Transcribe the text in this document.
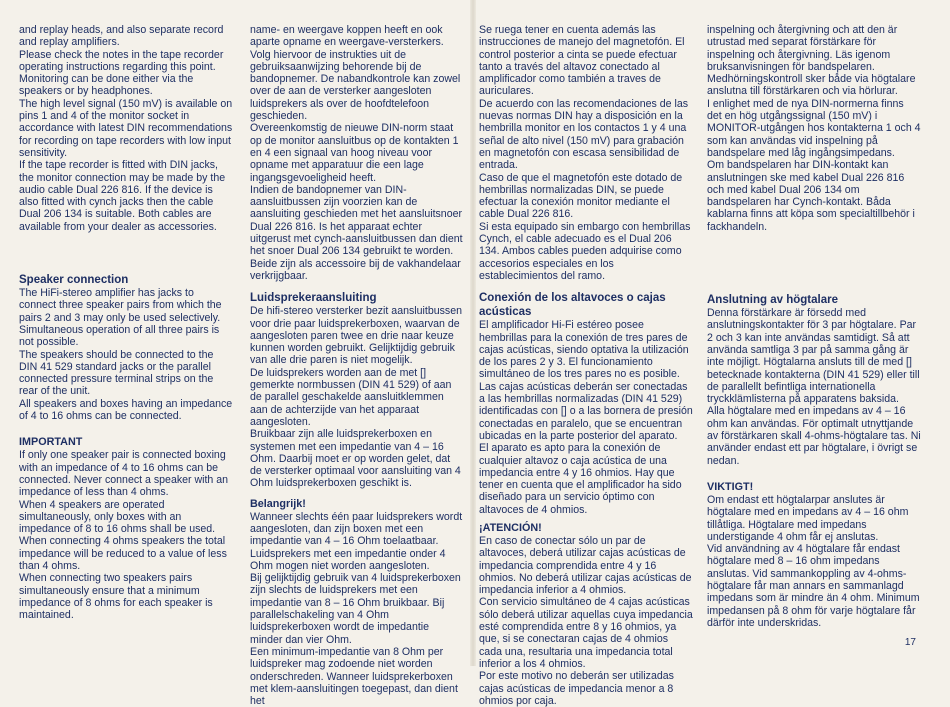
and replay heads, and also separate record and replay amplifiers.

Please check the notes in the tape recorder operating instructions regarding this point. Monitoring can be done either via the speakers or by headphones.

The high level signal (150 mV) is available on pins 1 and 4 of the monitor socket in accordance with latest DIN recommendations for recording on tape recorders with low input sensitivity.

If the tape recorder is fitted with DIN jacks, the monitor connection may be made by the audio cable Dual 226 816. If the device is also fitted with cynch jacks then the cable Dual 206 134 is suitable. Both cables are available from your dealer as accessories.

Speaker connection

The HiFi-stereo amplifier has jacks to connect three speaker pairs from which the pairs 2 and 3 may only be used selectively. Simultaneous operation of all three pairs is not possible.

The speakers should be connected to the DIN 41 529 standard jacks or the parallel connected pressure terminal strips on the rear of the unit.

All speakers and boxes having an impedance of 4 to 16 ohms can be connected.

IMPORTANT

If only one speaker pair is connected boxing with an impedance of 4 to 16 ohms can be connected. Never connect a speaker with an impedance of less than 4 ohms.

When 4 speakers are operated simultaneously, only boxes with an impedance of 8 to 16 ohms shall be used. When connecting 4 ohms speakers the total impedance will be reduced to a value of less than 4 ohms.

When connecting two speakers pairs simultaneously ensure that a minimum impedance of 8 ohms for each speaker is maintained.

name- en weergave koppen heeft en ook aparte opname en weergave-versterkers.

Volg hiervoor de instrukties uit de gebruiksaanwijzing behorende bij de bandopnemer. De nabandkontrole kan zowel over de aan de versterker aangesloten luidsprekers als over de hoofdtelefoon geschieden.

Overeenkomstig de nieuwe DIN-norm staat op de monitor aansluitbus op de kontakten 1 en 4 een signaal van hoog niveau voor opname met apparatuur die een lage ingangsgevoeligheid heeft.

Indien de bandopnemer van DIN-aansluitbussen zijn voorzien kan de aansluiting geschieden met het aansluitsnoer Dual 226 816. Is het apparaat echter uitgerust met cynch-aansluitbussen dan dient het snoer Dual 206 134 gebruikt te worden. Beide zijn als accessoire bij de vakhandelaar verkrijgbaar.

Luidsprekeraansluiting

De hifi-stereo versterker bezit aansluitbussen voor drie paar luidsprekerboxen, waarvan de aangesloten paren twee en drie naar keuze kunnen worden gebruikt. Gelijktijdig gebruik van alle drie paren is niet mogelijk.

De luidsprekers worden aan de met [] gemerkte normbussen (DIN 41 529) of aan de parallel geschakelde aansluitklemmen aan de achterzijde van het apparaat aangesloten.

Bruikbaar zijn alle luidsprekerboxen en systemen met een impedantie van 4 – 16 Ohm. Daarbij moet er op worden gelet, dat de versterker optimaal voor aansluiting van 4 Ohm luidsprekerboxen geschikt is.

Belangrijk!

Wanneer slechts één paar luidsprekers wordt aangesloten, dan zijn boxen met een impedantie van 4 – 16 Ohm toelaatbaar. Luidsprekers met een impedantie onder 4 Ohm mogen niet worden aangesloten.

Bij gelijktijdig gebruik van 4 luidsprekerboxen zijn slechts de luidsprekers met een impedantie van 8 – 16 Ohm bruikbaar. Bij parallelschakeling van 4 Ohm luidsprekerboxen wordt de impedantie minder dan vier Ohm.

Een minimum-impedantie van 8 Ohm per luidspreker mag zodoende niet worden onderschreden. Wanneer luidsprekerboxen met klem-aansluitingen toegepast, dan dient het

Se ruega tener en cuenta además las instrucciones de manejo del magnetofón. El control posterior a cinta se puede efectuar tanto a través del altavoz conectado al amplificador como también a traves de auriculares.

De acuerdo con las recomendaciones de las nuevas normas DIN hay a disposición en la hembrilla monitor en los contactos 1 y 4 una señal de alto nivel (150 mV) para grabación en magnetofón con escasa sensibilidad de entrada.

Caso de que el magnetofón este dotado de hembrillas normalizadas DIN, se puede efectuar la conexión monitor mediante el cable Dual 226 816.

Si esta equipado sin embargo con hembrillas Cynch, el cable adecuado es el Dual 206 134. Ambos cables pueden adquirise como accesorios especiales en los establecimientos del ramo.

Conexión de los altavoces o cajas acústicas

El amplificador Hi-Fi estéreo posee hembrillas para la conexión de tres pares de cajas acústicas, siendo optativa la utilización de los pares 2 y 3. El funcionamiento simultáneo de los tres pares no es posible.

Las cajas acústicas deberán ser conectadas a las hembrillas normalizadas (DIN 41 529) identificadas con [] o a las bornera de presión conectadas en paralelo, que se encuentran ubicadas en la parte posterior del aparato.

El aparato es apto para la conexión de cualquier altavoz o caja acústica de una impedancia entre 4 y 16 ohmios. Hay que tener en cuenta que el amplificador ha sido diseñado para un servicio óptimo con altavoces de 4 ohmios.

¡ATENCIÓN!

En caso de conectar sólo un par de altavoces, deberá utilizar cajas acústicas de impedancia comprendida entre 4 y 16 ohmios. No deberá utilizar cajas acústicas de impedancia inferior a 4 ohmios.

Con servicio simultáneo de 4 cajas acústicas sólo deberá utilizar aquellas cuya impedancia esté comprendida entre 8 y 16 ohmios, ya que, si se conectaran cajas de 4 ohmios cada una, resultaria una impedancia total inferior a los 4 ohmios.

Por este motivo no deberán ser utilizadas cajas acústicas de impedancia menor a 8 ohmios por caja.

inspelning och återgivning och att den är utrustad med separat förstärkare för inspelning och återgivning. Läs igenom bruksanvisningen för bandspelaren. Medhörningskontroll sker både via högtalare anslutna till förstärkaren och via hörlurar.

I enlighet med de nya DIN-normerna finns det en hög utgångssignal (150 mV) i MONITOR-utgången hos kontakterna 1 och 4 som kan användas vid inspelning på bandspelare med låg ingångsimpedans.

Om bandspelaren har DIN-kontakt kan anslutningen ske med kabel Dual 226 816 och med kabel Dual 206 134 om bandspelaren har Cynch-kontakt. Båda kablarna finns att köpa som specialtillbehör i fackhandeln.

Anslutning av högtalare

Denna förstärkare är försedd med anslutningskontakter för 3 par högtalare. Par 2 och 3 kan inte användas samtidigt. Så att använda samtliga 3 par på samma gång är inte möjligt. Högtalarna ansluts till de med [] betecknade kontakterna (DIN 41 529) eller till de parallellt befintliga internationella tryckklämlisterna på apparatens baksida.

Alla högtalare med en impedans av 4 – 16 ohm kan användas. För optimalt utnyttjande av förstärkaren skall 4-ohms-högtalare tas. Ni använder endast ett par högtalare, i övrigt se nedan.

VIKTIGT!

Om endast ett högtalarpar anslutes är högtalare med en impedans av 4 – 16 ohm tillåtliga. Högtalare med impedans understigande 4 ohm får ej anslutas.

Vid användning av 4 högtalare får endast högtalare med 8 – 16 ohm impedans anslutas. Vid sammankoppling av 4-ohms-högtalare får man annars en sammanlagd impedans som är mindre än 4 ohm. Minimum impedansen på 8 ohm för varje högtalare får därför inte underskridas.

17
